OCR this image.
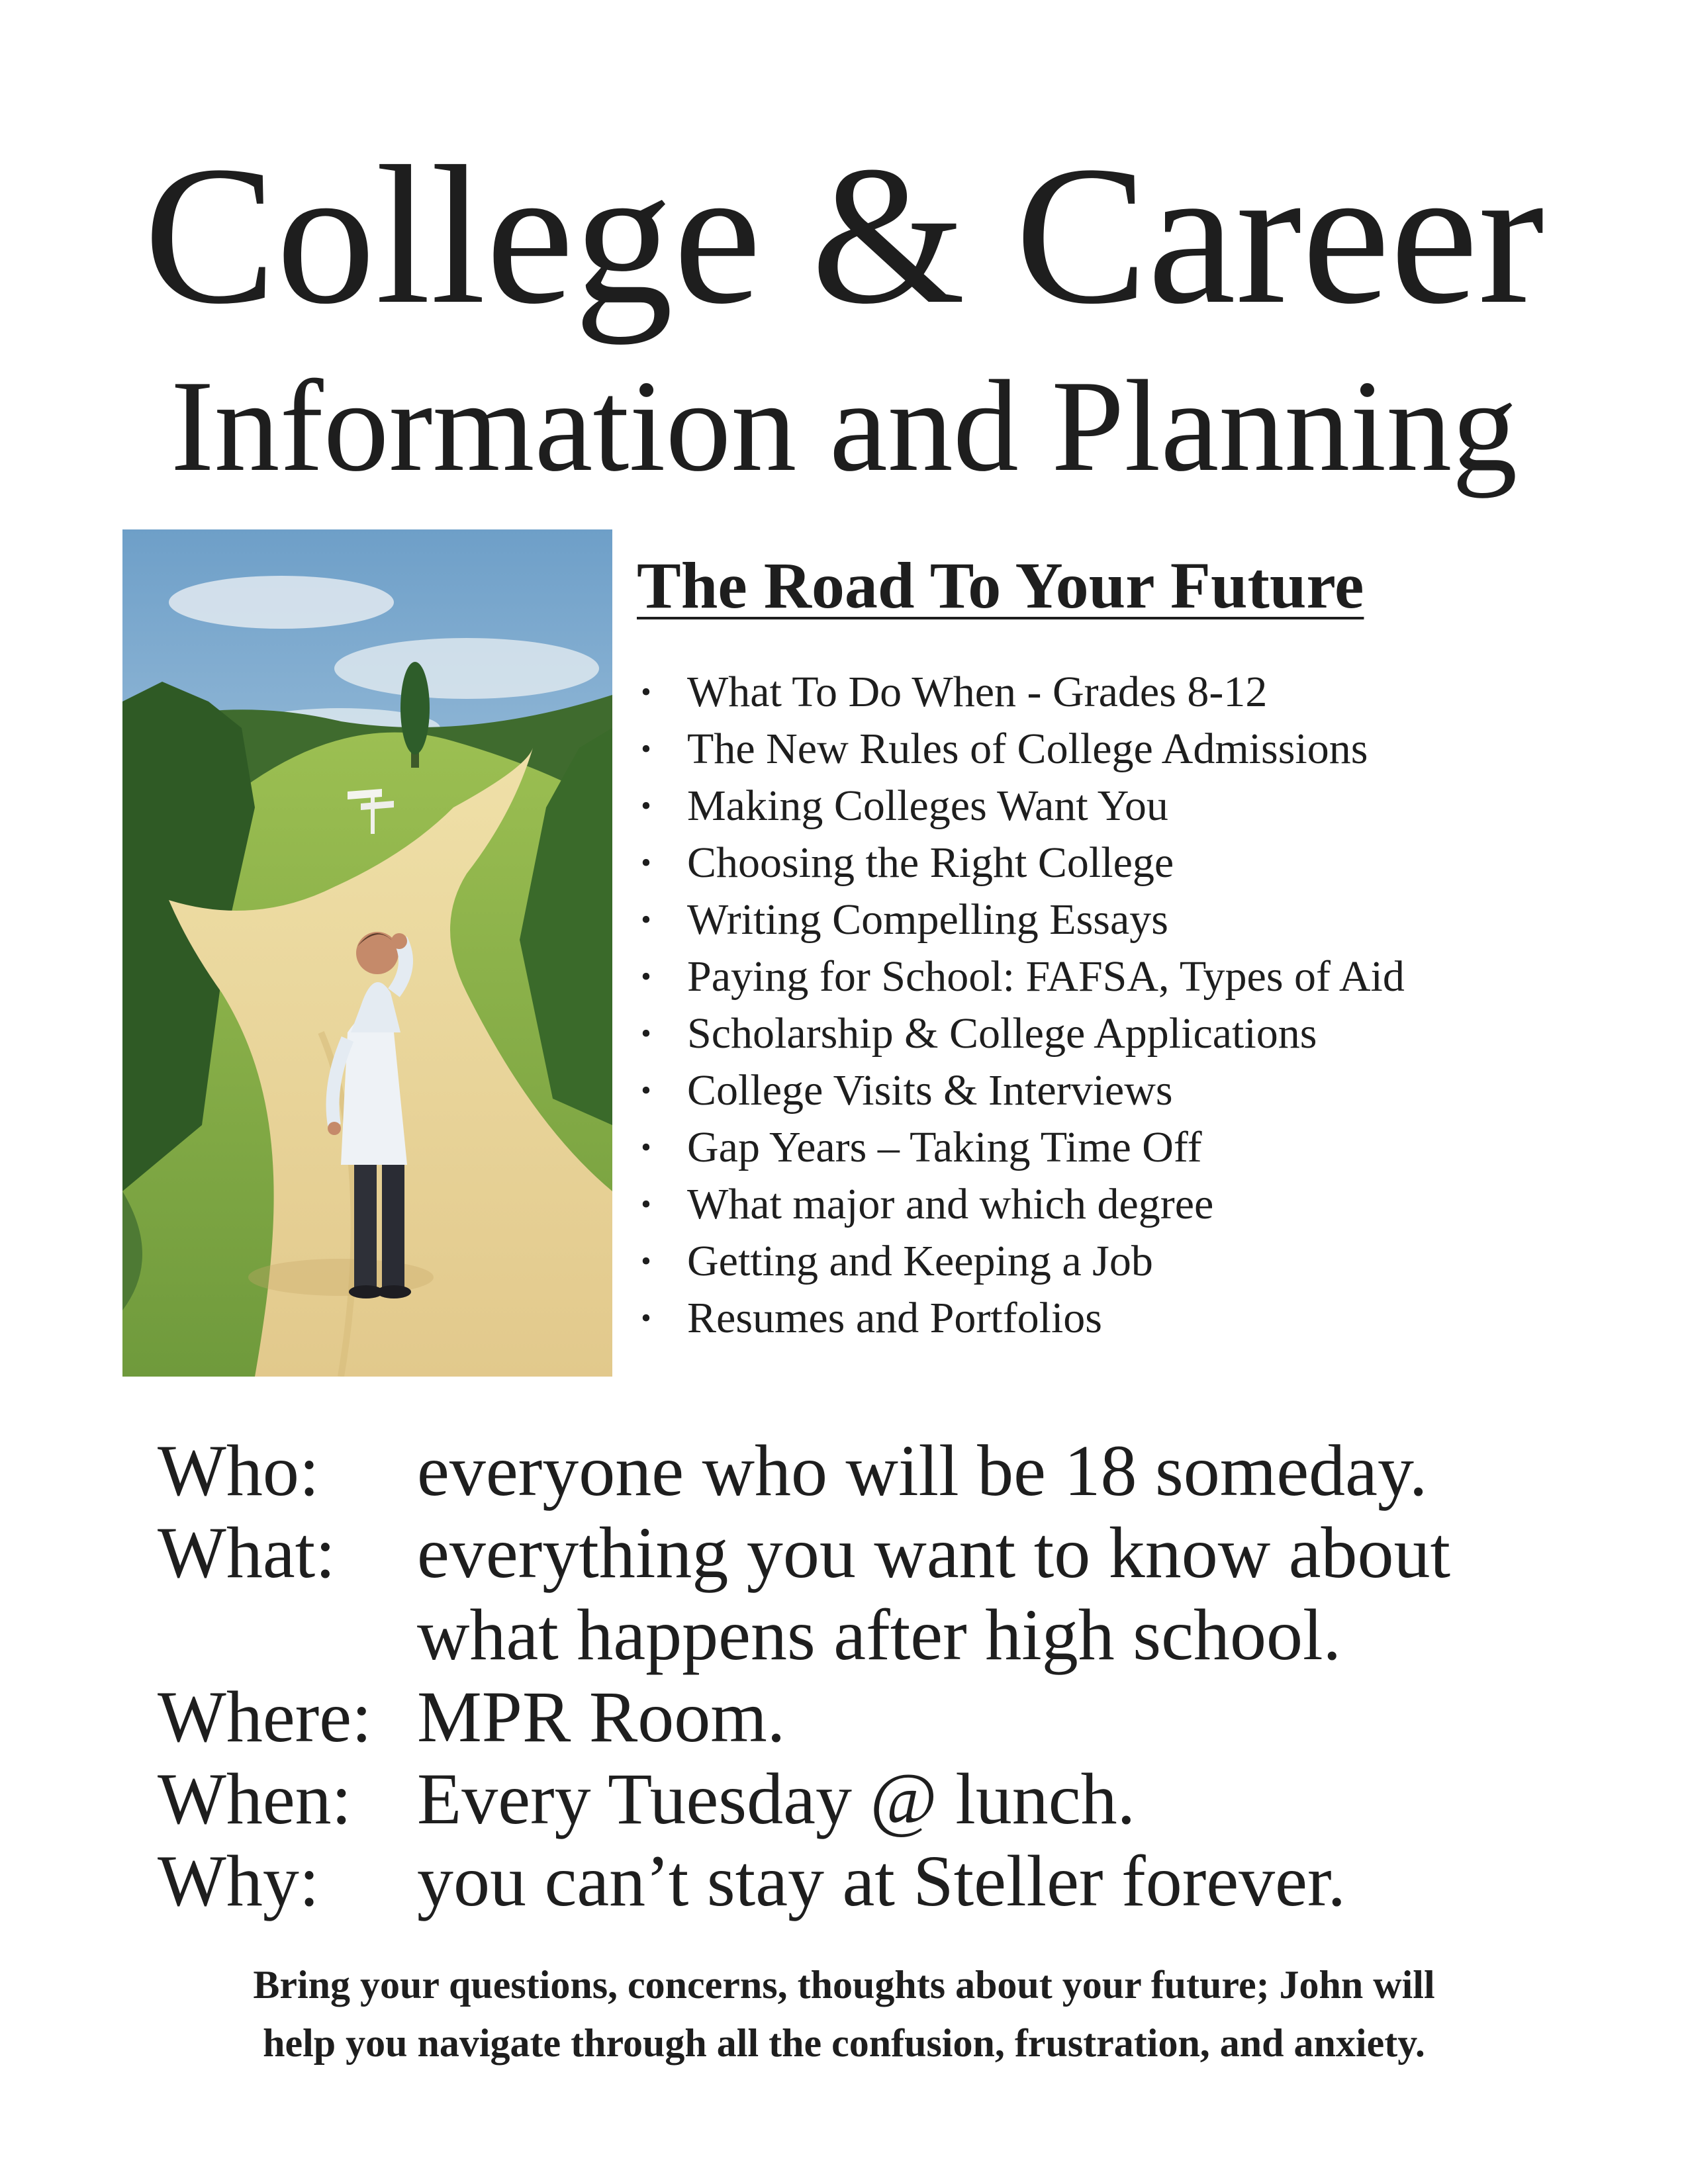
College & Career
Information and Planning
The Road To Your Future
• What To Do When - Grades 8-12
• The New Rules of College Admissions
• Making Colleges Want You
• Choosing the Right College
• Writing Compelling Essays
• Paying for School: FAFSA, Types of Aid
• Scholarship & College Applications
• College Visits & Interviews
• Gap Years – Taking Time Off
• What major and which degree
• Getting and Keeping a Job
• Resumes and Portfolios
Who: everyone who will be 18 someday.
What: everything you want to know about
what happens after high school.
Where: MPR Room.
When: Every Tuesday @ lunch.
Why: you can’t stay at Steller forever.
Bring your questions, concerns, thoughts about your future; John will
help you navigate through all the confusion, frustration, and anxiety.
